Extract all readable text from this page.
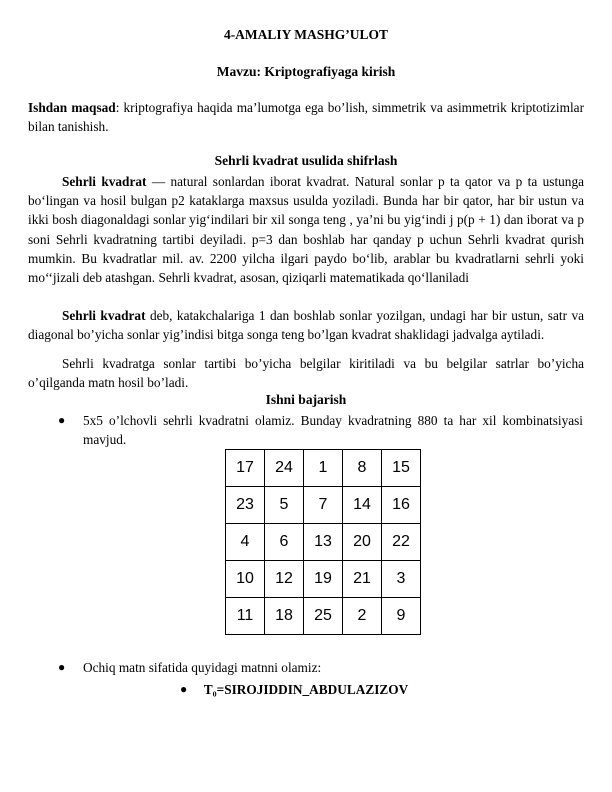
4-AMALIY MASHG’ULOT
Mavzu: Kriptografiyaga kirish
Ishdan maqsad: kriptografiya haqida ma’lumotga ega bo’lish, simmetrik va asimmetrik kriptotizimlar bilan tanishish.
Sehrli kvadrat usulida shifrlash
Sehrli kvadrat — natural sonlardan iborat kvadrat. Natural sonlar p ta qator va p ta ustunga bo‘lingan va hosil bulgan p2 kataklarga maxsus usulda yoziladi. Bunda har bir qator, har bir ustun va ikki bosh diagonaldagi sonlar yig‘indilari bir xil songa teng , ya’ni bu yig‘indi j p(p + 1) dan iborat va p soni Sehrli kvadratning tartibi deyiladi. p=3 dan boshlab har qanday p uchun Sehrli kvadrat qurish mumkin. Bu kvadratlar mil. av. 2200 yilcha ilgari paydo bo‘lib, arablar bu kvadratlarni sehrli yoki mo‘‘jizali deb atashgan. Sehrli kvadrat, asosan, qiziqarli matematikada qo‘llaniladi
Sehrli kvadrat deb, katakchalariga 1 dan boshlab sonlar yozilgan, undagi har bir ustun, satr va diagonal bo’yicha sonlar yig’indisi bitga songa teng bo’lgan kvadrat shaklidagi jadvalga aytiladi.
Sehrli kvadratga sonlar tartibi bo’yicha belgilar kiritiladi va bu belgilar satrlar bo’yicha o’qilganda matn hosil bo’ladi.
Ishni bajarish
● 5x5 o’lchovli sehrli kvadratni olamiz. Bunday kvadratning 880 ta har xil kombinatsiyasi mavjud.
17	24	1	8	15
23	5	7	14	16
4	6	13	20	22
10	12	19	21	3
11	18	25	2	9
● Ochiq matn sifatida quyidagi matnni olamiz:
● T₀=SIROJIDDIN_ABDULAZIZOV
